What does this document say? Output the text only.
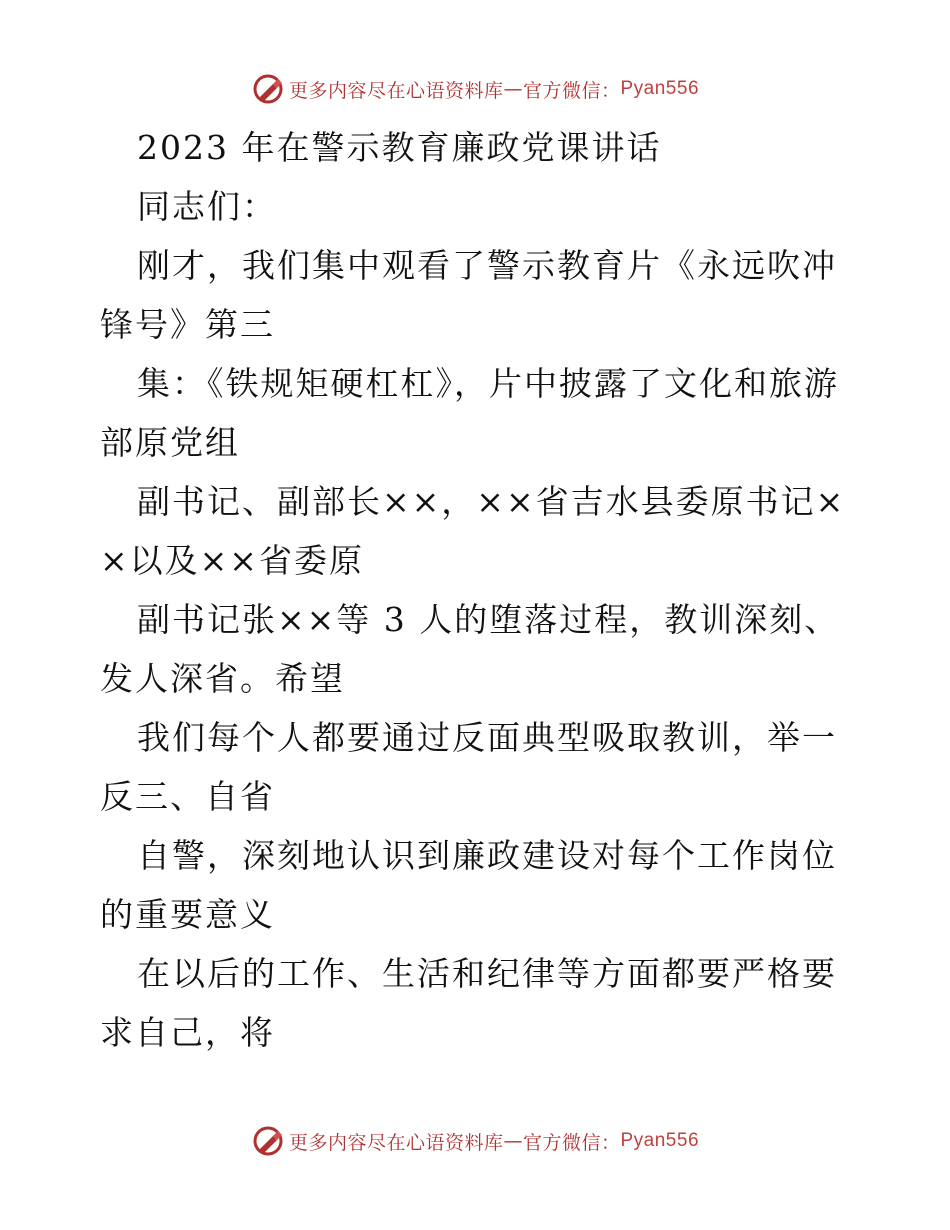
更多内容尽在心语资料库 — 官方微信： Pyan556

2023 年在警示教育廉政党课讲话

同志们：

刚才，我们集中观看了警示教育片《永远吹冲锋号》第三

集：《铁规矩硬杠杠》，片中披露了文化和旅游部原党组

副书记、副部长××，××省吉水县委原书记××以及××省委原

副书记张××等 3 人的堕落过程，教训深刻、发人深省。希望

我们每个人都要通过反面典型吸取教训，举一反三、自省

自警，深刻地认识到廉政建设对每个工作岗位的重要意义

在以后的工作、生活和纪律等方面都要严格要求自己，将

更多内容尽在心语资料库 — 官方微信： Pyan556
